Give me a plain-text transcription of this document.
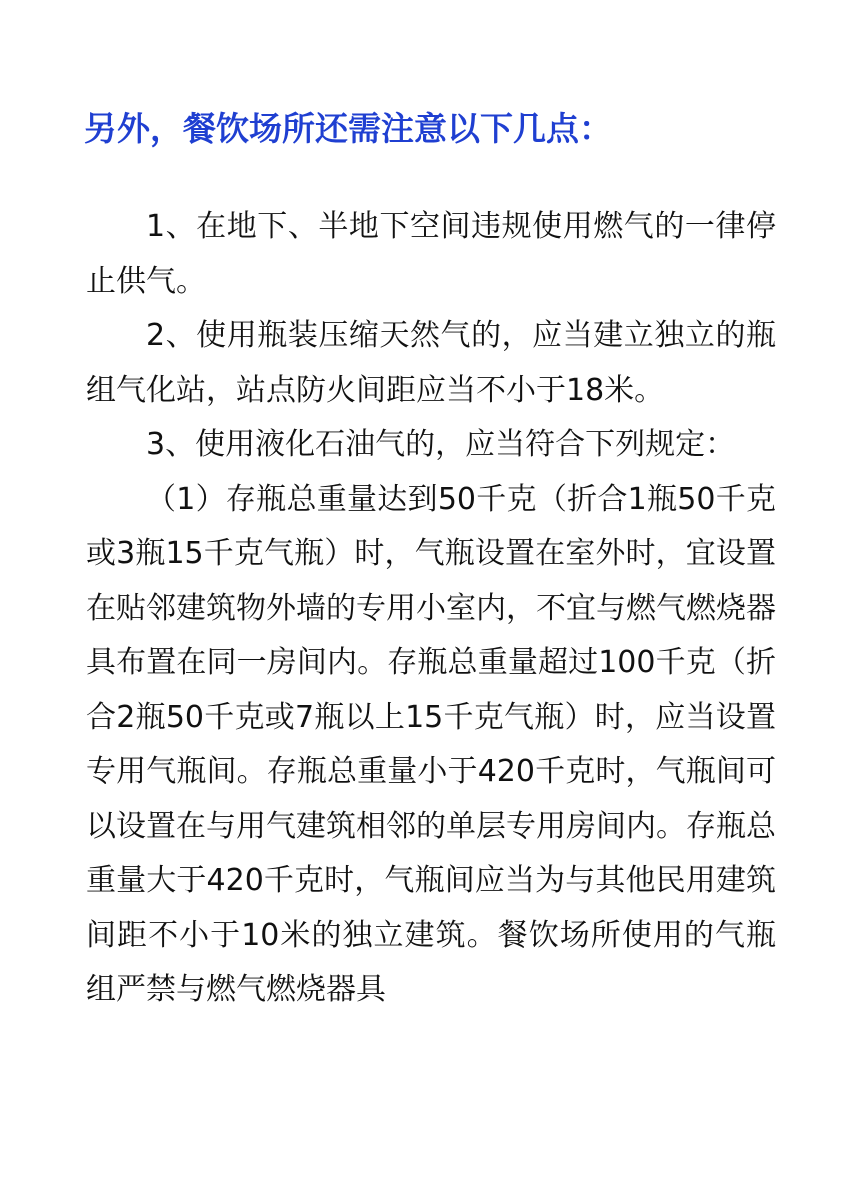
另外，餐饮场所还需注意以下几点：

1、在地下、半地下空间违规使用燃气的一律停止供气。

2、使用瓶装压缩天然气的，应当建立独立的瓶组气化站，站点防火间距应当不小于18米。

3、使用液化石油气的，应当符合下列规定：

（1）存瓶总重量达到50千克（折合1瓶50千克或3瓶15千克气瓶）时，气瓶设置在室外时，宜设置在贴邻建筑物外墙的专用小室内，不宜与燃气燃烧器具布置在同一房间内。存瓶总重量超过100千克（折合2瓶50千克或7瓶以上15千克气瓶）时，应当设置专用气瓶间。存瓶总重量小于420千克时，气瓶间可以设置在与用气建筑相邻的单层专用房间内。存瓶总重量大于420千克时，气瓶间应当为与其他民用建筑间距不小于10米的独立建筑。餐饮场所使用的气瓶组严禁与燃气燃烧器具
